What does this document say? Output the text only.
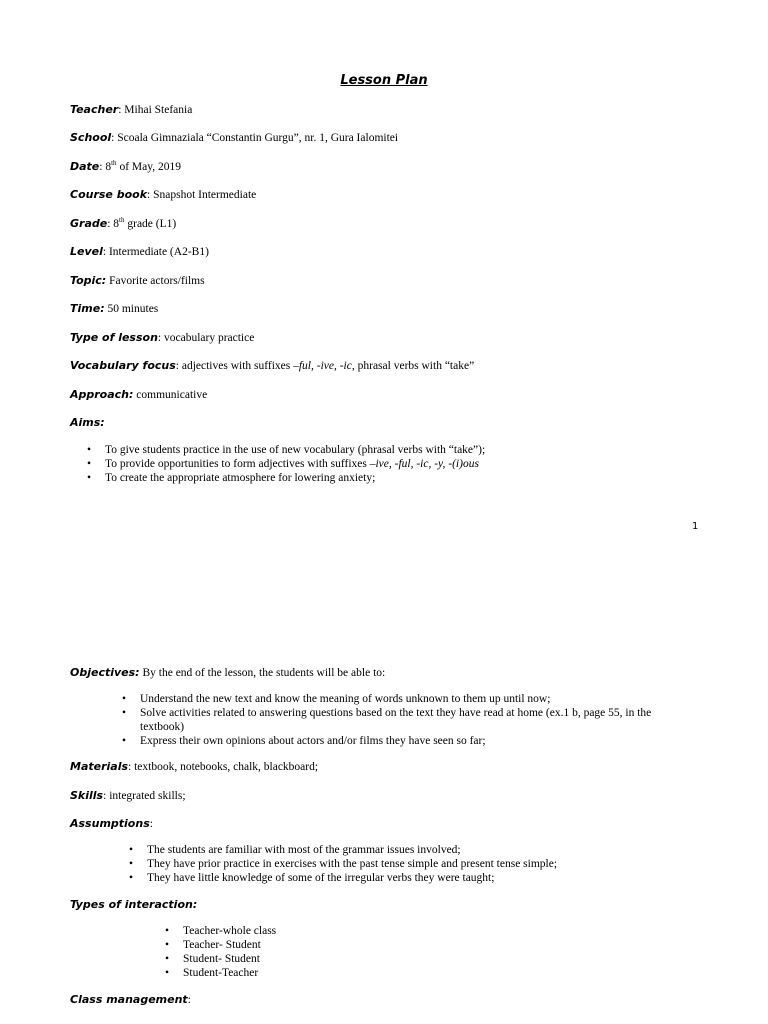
Lesson Plan
Teacher: Mihai Stefania
School: Scoala Gimnaziala “Constantin Gurgu”, nr. 1, Gura Ialomitei
Date: 8th of May, 2019
Course book: Snapshot Intermediate
Grade: 8th grade (L1)
Level: Intermediate (A2-B1)
Topic: Favorite actors/films
Time: 50 minutes
Type of lesson: vocabulary practice
Vocabulary focus: adjectives with suffixes –ful, -ive, -ic, phrasal verbs with “take”
Approach: communicative
Aims:
• To give students practice in the use of new vocabulary (phrasal verbs with “take”);
• To provide opportunities to form adjectives with suffixes –ive, -ful, -ic, -y, -(i)ous
• To create the appropriate atmosphere for lowering anxiety;
1
Objectives: By the end of the lesson, the students will be able to:
• Understand the new text and know the meaning of words unknown to them up until now;
• Solve activities related to answering questions based on the text they have read at home (ex.1 b, page 55, in the
textbook)
• Express their own opinions about actors and/or films they have seen so far;
Materials: textbook, notebooks, chalk, blackboard;
Skills: integrated skills;
Assumptions:
• The students are familiar with most of the grammar issues involved;
• They have prior practice in exercises with the past tense simple and present tense simple;
• They have little knowledge of some of the irregular verbs they were taught;
Types of interaction:
• Teacher-whole class
• Teacher- Student
• Student- Student
• Student-Teacher
Class management:
